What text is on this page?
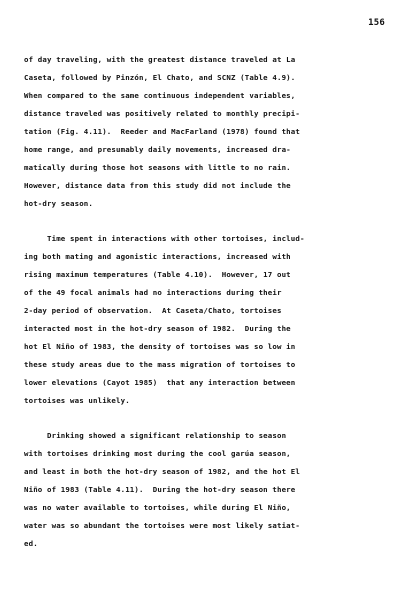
156
of day traveling, with the greatest distance traveled at La
Caseta, followed by Pinzón, El Chato, and SCNZ (Table 4.9).
When compared to the same continuous independent variables,
distance traveled was positively related to monthly precipi-
tation (Fig. 4.11).  Reeder and MacFarland (1978) found that
home range, and presumably daily movements, increased dra-
matically during those hot seasons with little to no rain.
However, distance data from this study did not include the
hot-dry season.
Time spent in interactions with other tortoises, includ-
ing both mating and agonistic interactions, increased with
rising maximum temperatures (Table 4.10).  However, 17 out
of the 49 focal animals had no interactions during their
2-day period of observation.  At Caseta/Chato, tortoises
interacted most in the hot-dry season of 1982.  During the
hot El Niño of 1983, the density of tortoises was so low in
these study areas due to the mass migration of tortoises to
lower elevations (Cayot 1985)  that any interaction between
tortoises was unlikely.
Drinking showed a significant relationship to season
with tortoises drinking most during the cool garúa season,
and least in both the hot-dry season of 1982, and the hot El
Niño of 1983 (Table 4.11).  During the hot-dry season there
was no water available to tortoises, while during El Niño,
water was so abundant the tortoises were most likely satiat-
ed.
